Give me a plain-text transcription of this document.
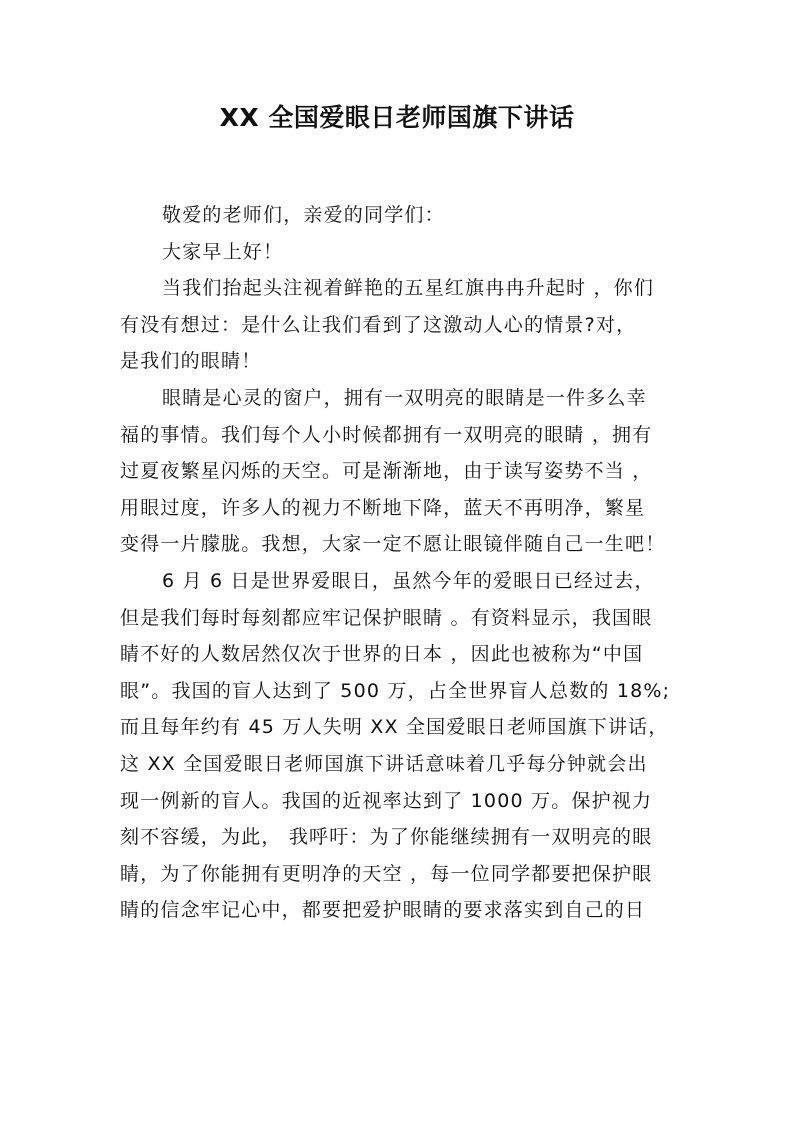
XX 全国爱眼日老师国旗下讲话
敬爱的老师们，亲爱的同学们：
大家早上好！
当我们抬起头注视着鲜艳的五星红旗冉冉升起时 ，你们
有没有想过：是什么让我们看到了这激动人心的情景?对，
是我们的眼睛！
眼睛是心灵的窗户，拥有一双明亮的眼睛是一件多么幸
福的事情。我们每个人小时候都拥有一双明亮的眼睛 ，拥有
过夏夜繁星闪烁的天空。可是渐渐地，由于读写姿势不当 ，
用眼过度，许多人的视力不断地下降，蓝天不再明净，繁星
变得一片朦胧。我想，大家一定不愿让眼镜伴随自己一生吧！
6 月 6 日是世界爱眼日，虽然今年的爱眼日已经过去，
但是我们每时每刻都应牢记保护眼睛 。有资料显示，我国眼
睛不好的人数居然仅次于世界的日本 ，因此也被称为“中国
眼”。我国的盲人达到了 500 万，占全世界盲人总数的 18%;
而且每年约有 45 万人失明 XX 全国爱眼日老师国旗下讲话，
这 XX 全国爱眼日老师国旗下讲话意味着几乎每分钟就会出
现一例新的盲人。我国的近视率达到了 1000 万。保护视力
刻不容缓，为此， 我呼吁：为了你能继续拥有一双明亮的眼
睛，为了你能拥有更明净的天空 ，每一位同学都要把保护眼
睛的信念牢记心中，都要把爱护眼睛的要求落实到自己的日
